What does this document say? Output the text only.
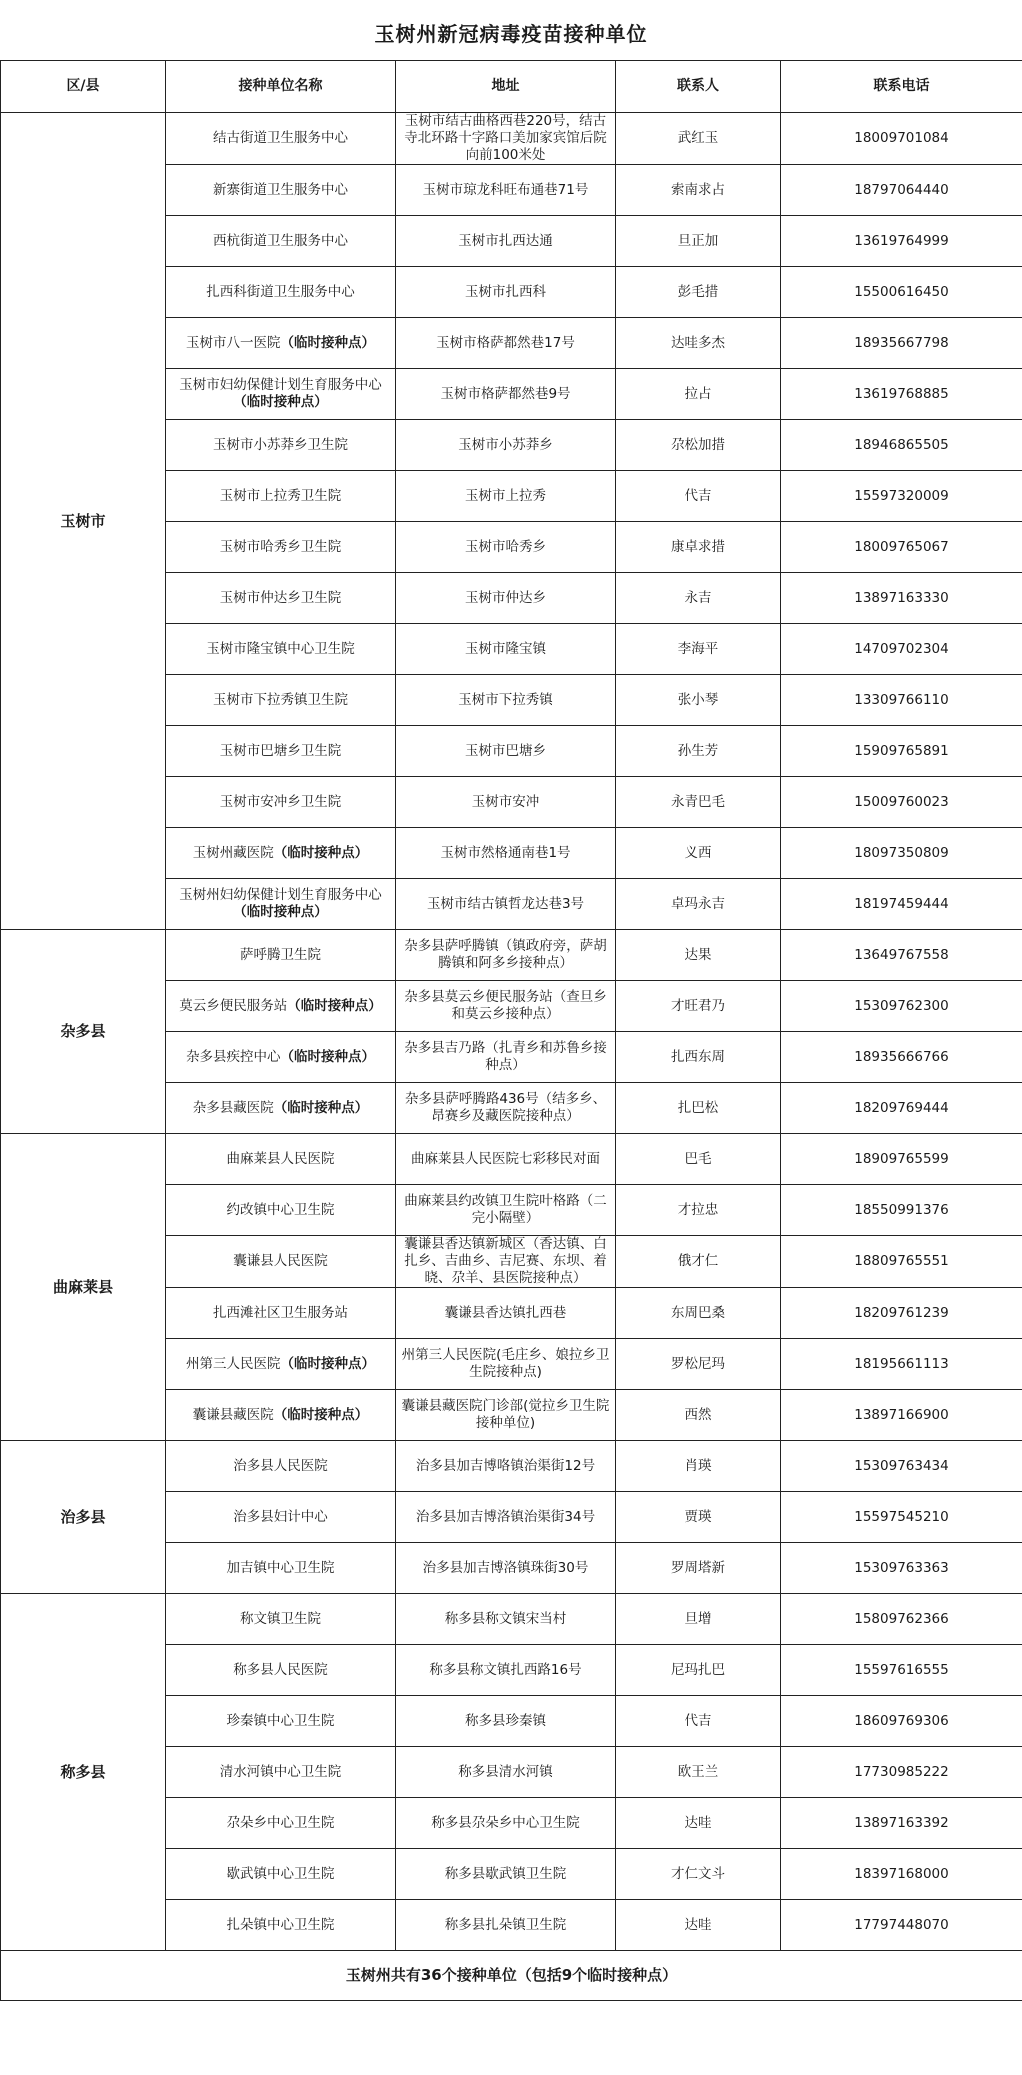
玉树州新冠病毒疫苗接种单位
区/县	接种单位名称	地址	联系人	联系电话
玉树市	结古街道卫生服务中心	玉树市结古曲格西巷220号，结古寺北环路十字路口美加家宾馆后院向前100米处	武红玉	18009701084
	新寨街道卫生服务中心	玉树市琼龙科旺布通巷71号	索南求占	18797064440
	西杭街道卫生服务中心	玉树市扎西达通	旦正加	13619764999
	扎西科街道卫生服务中心	玉树市扎西科	彭毛措	15500616450
	玉树市八一医院（临时接种点）	玉树市格萨都然巷17号	达哇多杰	18935667798
	玉树市妇幼保健计划生育服务中心（临时接种点）	玉树市格萨都然巷9号	拉占	13619768885
	玉树市小苏莽乡卫生院	玉树市小苏莽乡	尕松加措	18946865505
	玉树市上拉秀卫生院	玉树市上拉秀	代吉	15597320009
	玉树市哈秀乡卫生院	玉树市哈秀乡	康卓求措	18009765067
	玉树市仲达乡卫生院	玉树市仲达乡	永吉	13897163330
	玉树市隆宝镇中心卫生院	玉树市隆宝镇	李海平	14709702304
	玉树市下拉秀镇卫生院	玉树市下拉秀镇	张小琴	13309766110
	玉树市巴塘乡卫生院	玉树市巴塘乡	孙生芳	15909765891
	玉树市安冲乡卫生院	玉树市安冲	永青巴毛	15009760023
	玉树州藏医院（临时接种点）	玉树市然格通南巷1号	义西	18097350809
	玉树州妇幼保健计划生育服务中心（临时接种点）	玉树市结古镇哲龙达巷3号	卓玛永吉	18197459444
杂多县	萨呼腾卫生院	杂多县萨呼腾镇（镇政府旁，萨胡腾镇和阿多乡接种点）	达果	13649767558
	莫云乡便民服务站（临时接种点）	杂多县莫云乡便民服务站（查旦乡和莫云乡接种点）	才旺君乃	15309762300
	杂多县疾控中心（临时接种点）	杂多县吉乃路（扎青乡和苏鲁乡接种点）	扎西东周	18935666766
	杂多县藏医院（临时接种点）	杂多县萨呼腾路436号（结多乡、昂赛乡及藏医院接种点）	扎巴松	18209769444
曲麻莱县	曲麻莱县人民医院	曲麻莱县人民医院七彩移民对面	巴毛	18909765599
	约改镇中心卫生院	曲麻莱县约改镇卫生院叶格路（二完小隔壁）	才拉忠	18550991376
	囊谦县人民医院	囊谦县香达镇新城区（香达镇、白扎乡、吉曲乡、吉尼赛、东坝、着晓、尕羊、县医院接种点）	俄才仁	18809765551
	扎西滩社区卫生服务站	囊谦县香达镇扎西巷	东周巴桑	18209761239
	州第三人民医院（临时接种点）	州第三人民医院(毛庄乡、娘拉乡卫生院接种点)	罗松尼玛	18195661113
	囊谦县藏医院（临时接种点）	囊谦县藏医院门诊部(觉拉乡卫生院接种单位)	西然	13897166900
治多县	治多县人民医院	治多县加吉博咯镇治渠街12号	肖瑛	15309763434
	治多县妇计中心	治多县加吉博洛镇治渠街34号	贾瑛	15597545210
	加吉镇中心卫生院	治多县加吉博洛镇珠街30号	罗周塔新	15309763363
称多县	称文镇卫生院	称多县称文镇宋当村	旦增	15809762366
	称多县人民医院	称多县称文镇扎西路16号	尼玛扎巴	15597616555
	珍秦镇中心卫生院	称多县珍秦镇	代吉	18609769306
	清水河镇中心卫生院	称多县清水河镇	欧王兰	17730985222
	尕朵乡中心卫生院	称多县尕朵乡中心卫生院	达哇	13897163392
	歇武镇中心卫生院	称多县歇武镇卫生院	才仁文斗	18397168000
	扎朵镇中心卫生院	称多县扎朵镇卫生院	达哇	17797448070
玉树州共有36个接种单位（包括9个临时接种点）				
